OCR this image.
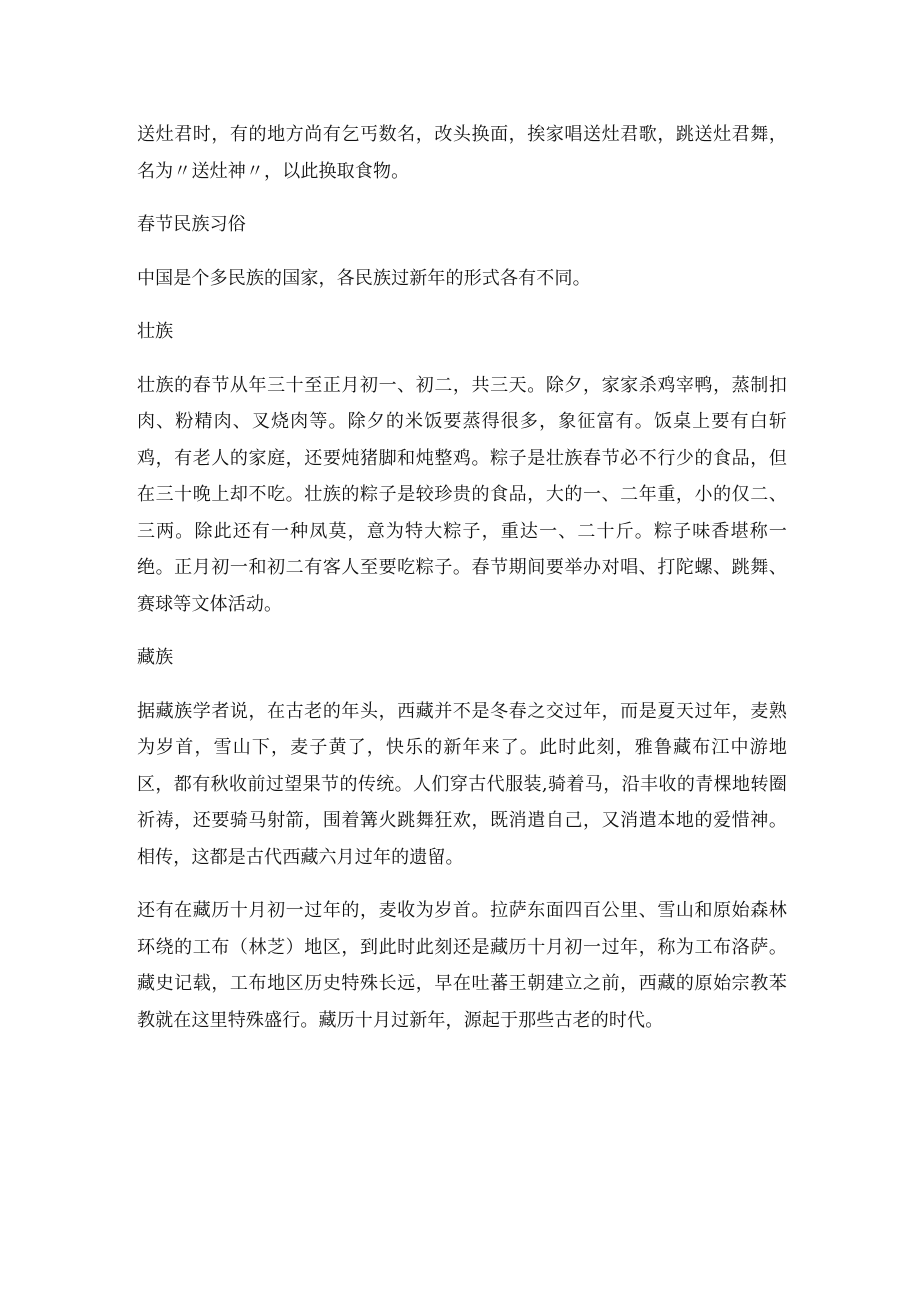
送灶君时，有的地方尚有乞丐数名，改头换面，挨家唱送灶君歌，跳送灶君舞，名为〃送灶神〃，以此换取食物。

春节民族习俗

中国是个多民族的国家，各民族过新年的形式各有不同。

壮族

壮族的春节从年三十至正月初一、初二，共三天。除夕，家家杀鸡宰鸭，蒸制扣肉、粉精肉、叉烧肉等。除夕的米饭要蒸得很多，象征富有。饭桌上要有白斩鸡，有老人的家庭，还要炖猪脚和炖整鸡。粽子是壮族春节必不行少的食品，但在三十晚上却不吃。壮族的粽子是较珍贵的食品，大的一、二年重，小的仅二、三两。除此还有一种凤莫，意为特大粽子，重达一、二十斤。粽子味香堪称一绝。正月初一和初二有客人至要吃粽子。春节期间要举办对唱、打陀螺、跳舞、赛球等文体活动。

藏族

据藏族学者说，在古老的年头，西藏并不是冬春之交过年，而是夏天过年，麦熟为岁首，雪山下，麦子黄了，快乐的新年来了。此时此刻，雅鲁藏布江中游地区，都有秋收前过望果节的传统。人们穿古代服装,骑着马，沿丰收的青棵地转圈祈祷，还要骑马射箭，围着篝火跳舞狂欢，既消遣自己，又消遣本地的爱惜神。相传，这都是古代西藏六月过年的遗留。

还有在藏历十月初一过年的，麦收为岁首。拉萨东面四百公里、雪山和原始森林环绕的工布（林芝）地区，到此时此刻还是藏历十月初一过年，称为工布洛萨。藏史记载，工布地区历史特殊长远，早在吐蕃王朝建立之前，西藏的原始宗教苯教就在这里特殊盛行。藏历十月过新年，源起于那些古老的时代。
